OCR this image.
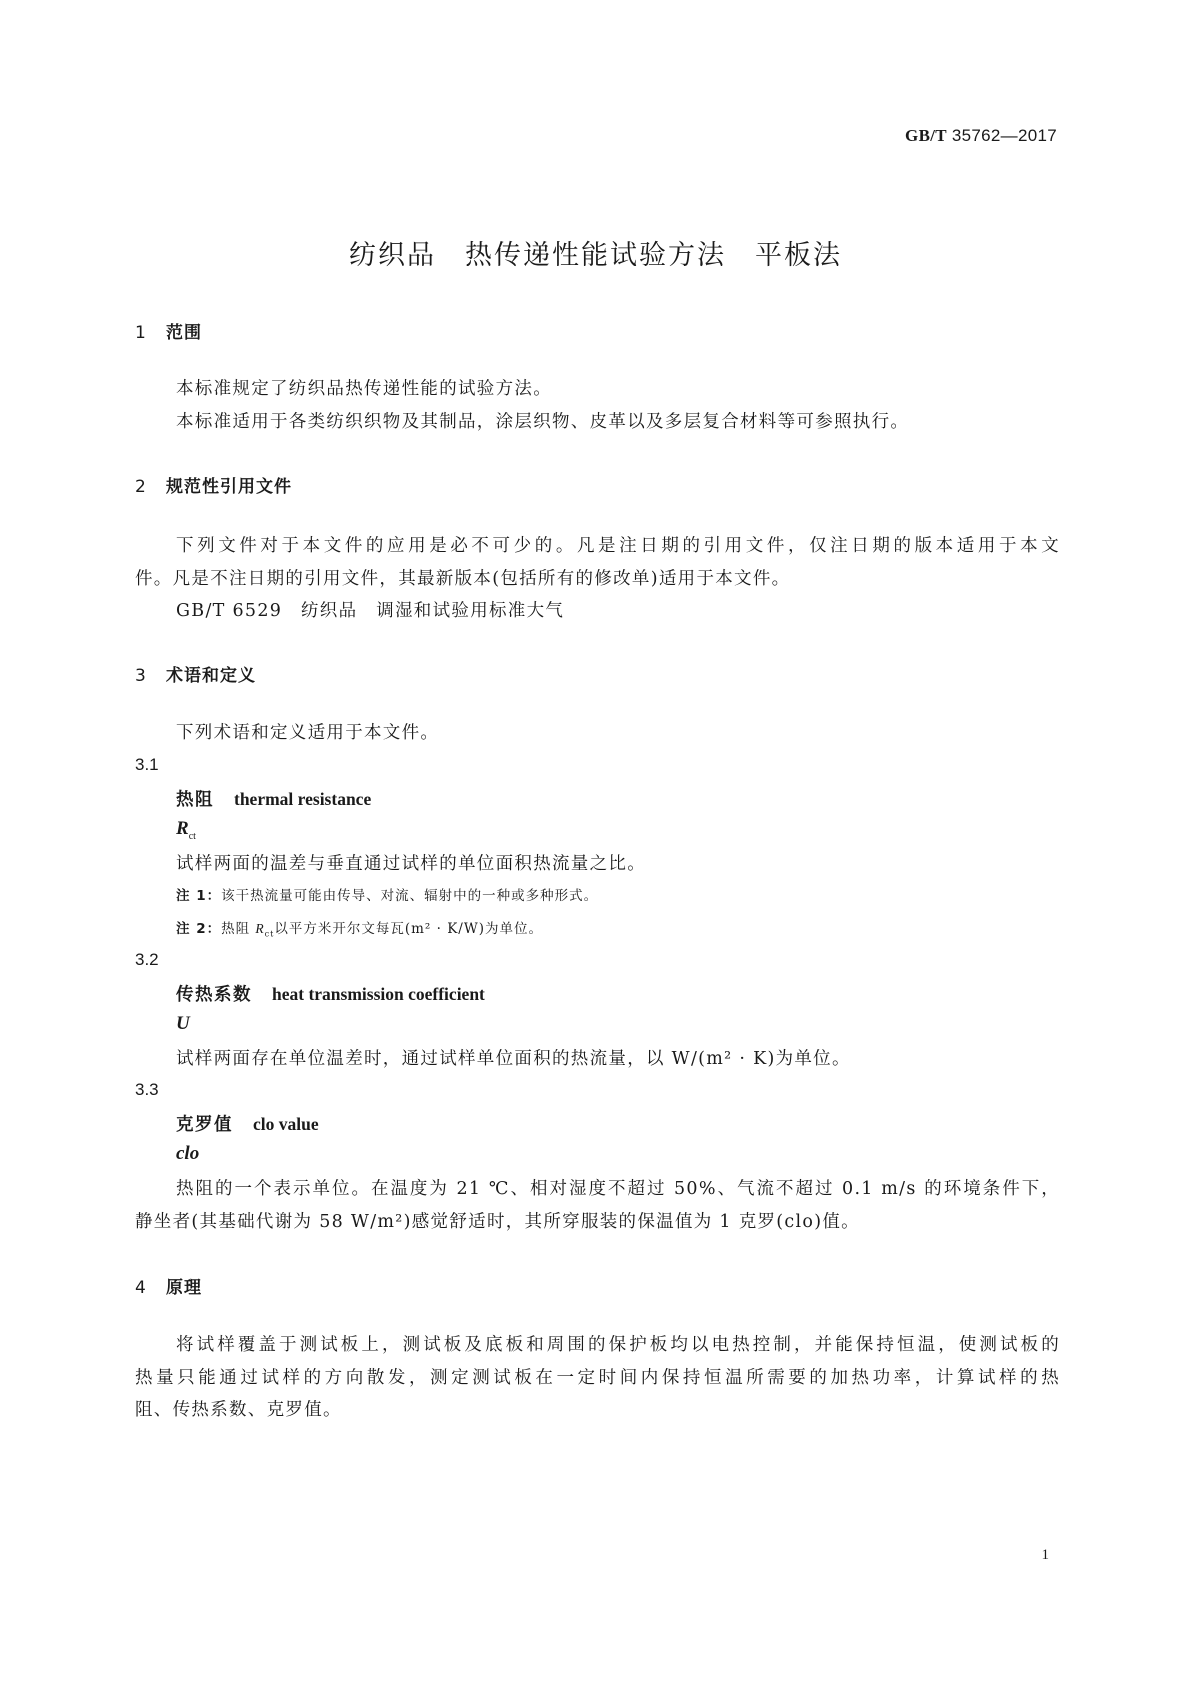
GB/T 35762—2017
纺织品　热传递性能试验方法　平板法
1 范围
本标准规定了纺织品热传递性能的试验方法。
本标准适用于各类纺织织物及其制品，涂层织物、皮革以及多层复合材料等可参照执行。
2 规范性引用文件
下列文件对于本文件的应用是必不可少的。凡是注日期的引用文件，仅注日期的版本适用于本文
件。凡是不注日期的引用文件，其最新版本(包括所有的修改单)适用于本文件。
GB/T 6529　纺织品　调湿和试验用标准大气
3 术语和定义
下列术语和定义适用于本文件。
3.1
热阻 thermal resistance
$R_{ct}$
试样两面的温差与垂直通过试样的单位面积热流量之比。
注 1：该干热流量可能由传导、对流、辐射中的一种或多种形式。
注 2：热阻 $R_{ct}$以平方米开尔文每瓦(m² · K/W)为单位。
3.2
传热系数 heat transmission coefficient
U
试样两面存在单位温差时，通过试样单位面积的热流量，以 W/(m² · K)为单位。
3.3
克罗值 clo value
clo
热阻的一个表示单位。在温度为 21 ℃、相对湿度不超过 50%、气流不超过 0.1 m/s 的环境条件下，
静坐者(其基础代谢为 58 W/m²)感觉舒适时，其所穿服装的保温值为 1 克罗(clo)值。
4 原理
将试样覆盖于测试板上，测试板及底板和周围的保护板均以电热控制，并能保持恒温，使测试板的
热量只能通过试样的方向散发，测定测试板在一定时间内保持恒温所需要的加热功率，计算试样的热
阻、传热系数、克罗值。
1
